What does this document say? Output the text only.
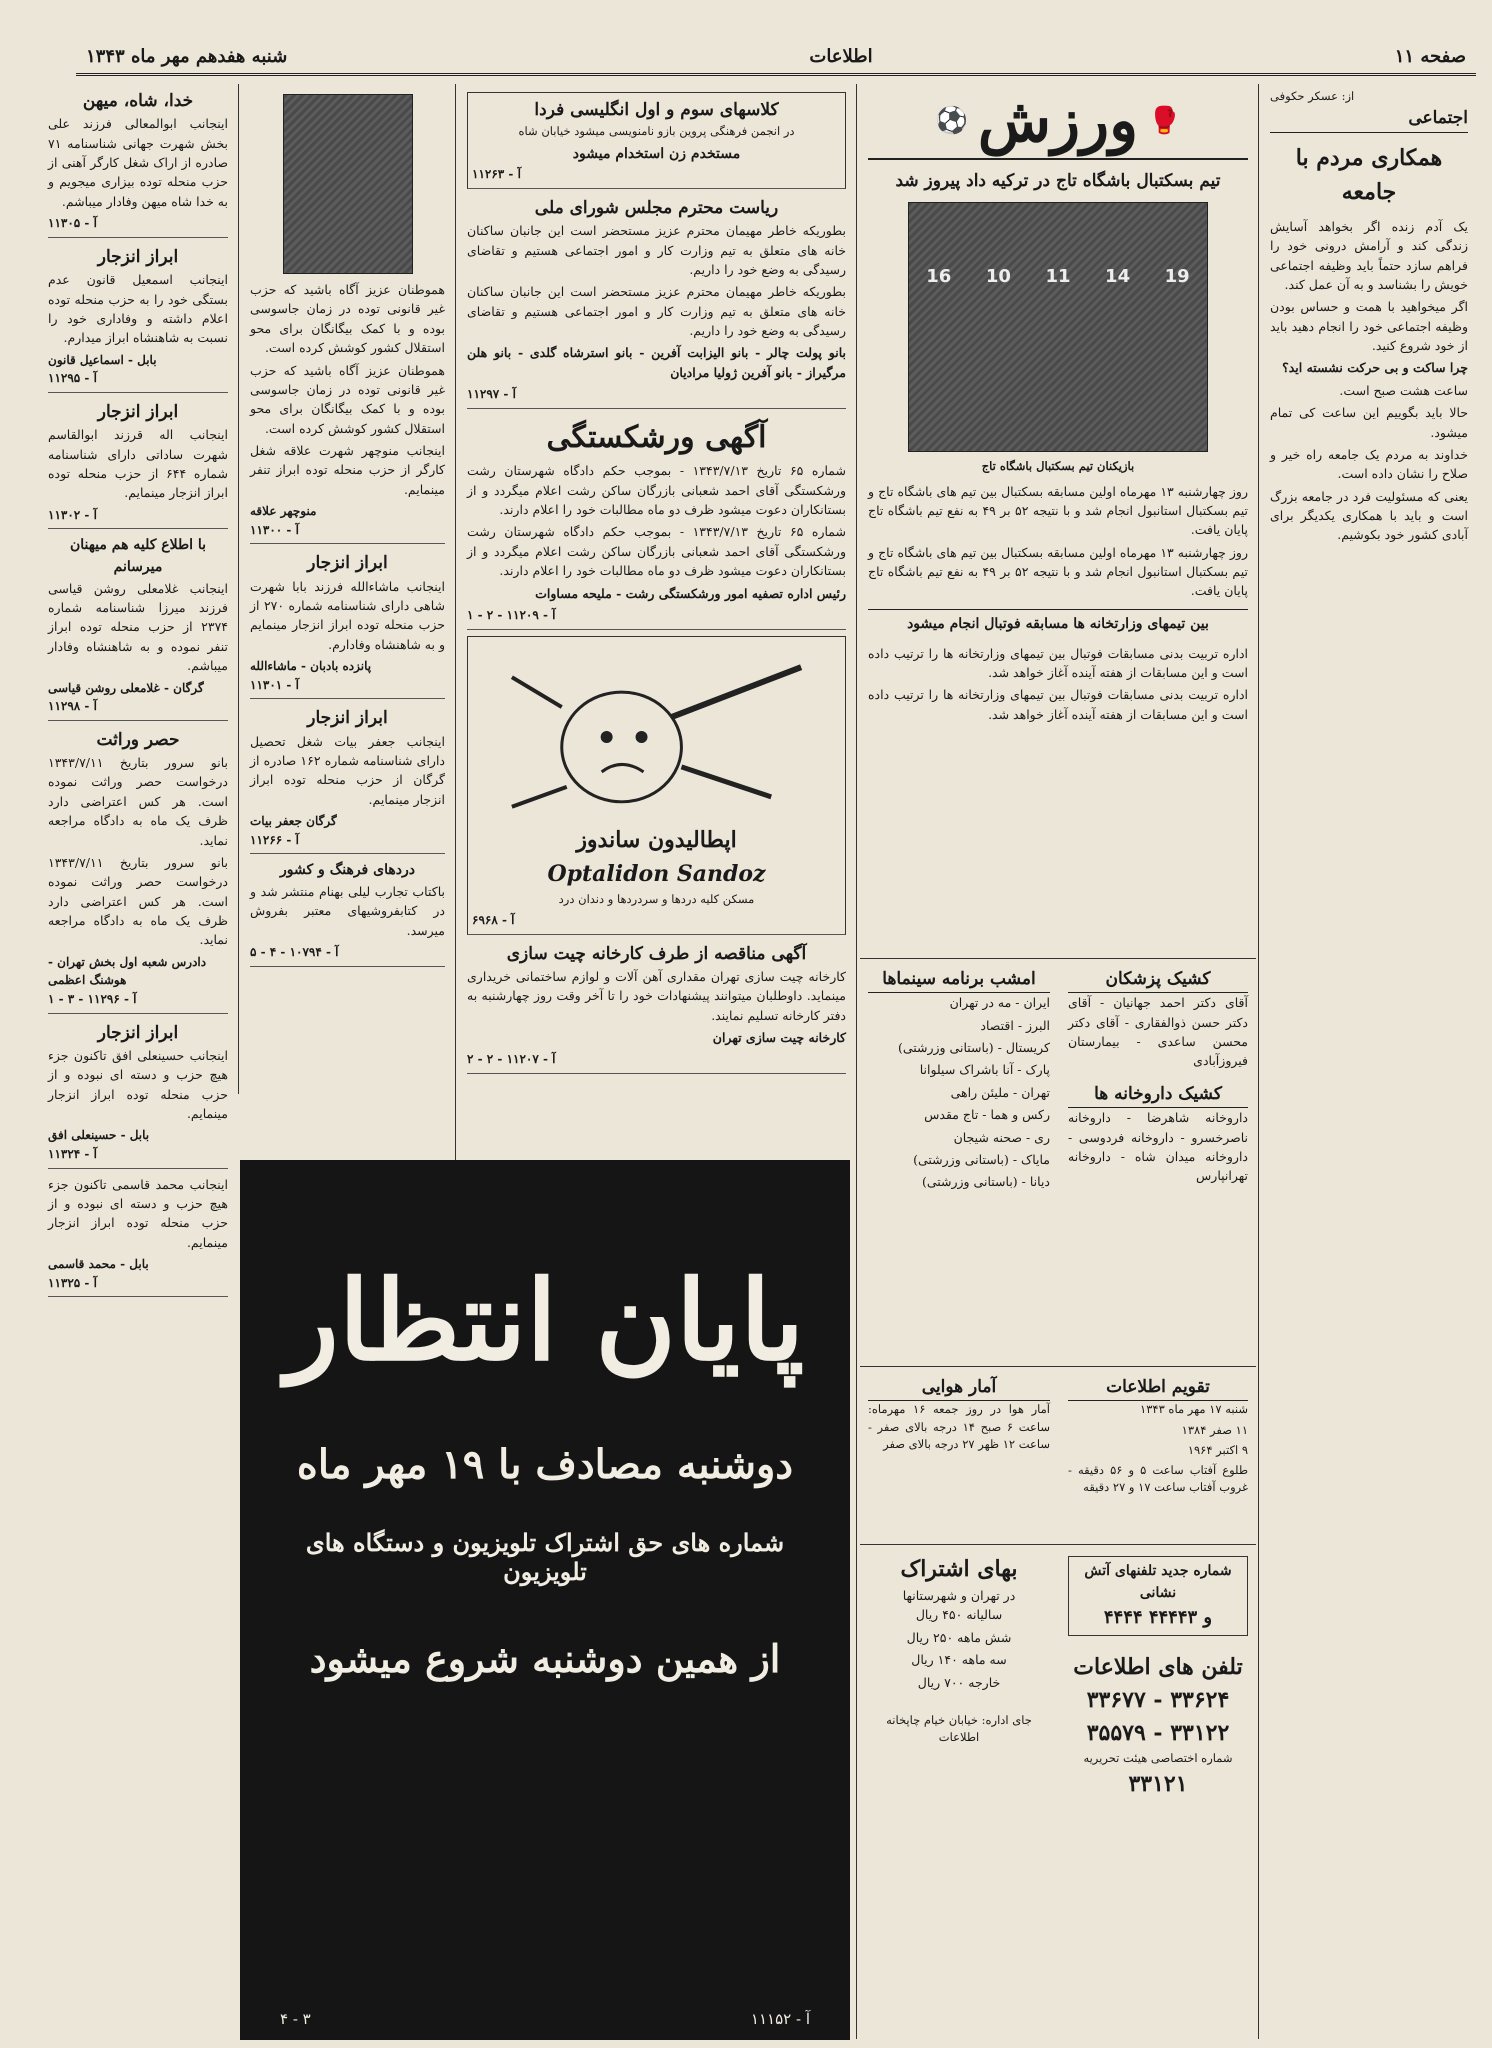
صفحه ۱۱
اطلاعات
شنبه هفدهم مهر ماه ۱۳۴۳
از: عسکر حکوفی
اجتماعی
همکاری مردم با جامعه

یک آدم زنده اگر بخواهد آسایش زندگی کند و آرامش درونی خود را فراهم سازد حتماً باید وظیفه اجتماعی خویش را بشناسد و به آن عمل کند.

اگر میخواهید با همت و حساس بودن وظیفه اجتماعی خود را انجام دهید باید از خود شروع کنید.

چرا ساکت و بی حرکت نشسته اید؟

ساعت هشت صبح است.

حالا باید بگوییم این ساعت کی تمام میشود.

خداوند به مردم یک جامعه راه خیر و صلاح را نشان داده است.

یعنی که مسئولیت فرد در جامعه بزرگ است و باید با همکاری یکدیگر برای آبادی کشور خود بکوشیم.

🥊
ورزش
⚽
تیم بسکتبال باشگاه تاج در ترکیه داد پیروز شد
16 10 11 14 19
بازیکنان تیم بسکتبال باشگاه تاج

روز چهارشنبه ۱۳ مهرماه اولین مسابقه بسکتبال بین تیم های باشگاه تاج و تیم بسکتبال استانبول انجام شد و با نتیجه ۵۲ بر ۴۹ به نفع تیم باشگاه تاج پایان یافت.

روز چهارشنبه ۱۳ مهرماه اولین مسابقه بسکتبال بین تیم های باشگاه تاج و تیم بسکتبال استانبول انجام شد و با نتیجه ۵۲ بر ۴۹ به نفع تیم باشگاه تاج پایان یافت.

بین تیمهای وزارتخانه ها مسابقه فوتبال انجام میشود

اداره تربیت بدنی مسابقات فوتبال بین تیمهای وزارتخانه ها را ترتیب داده است و این مسابقات از هفته آینده آغاز خواهد شد.

اداره تربیت بدنی مسابقات فوتبال بین تیمهای وزارتخانه ها را ترتیب داده است و این مسابقات از هفته آینده آغاز خواهد شد.

امشب برنامه سینماها

ایران - مه در تهران

البرز - اقتصاد

کریستال - (باستانی وزرشتی)

پارک - آنا باشراک سیلوانا

تهران - ملیئن راهی

رکس و هما - تاج مقدس

ری - صحنه شیجان

مایاک - (باستانی وزرشتی)

دیانا - (باستانی وزرشتی)

کشیک پزشکان

آقای دکتر احمد جهانیان - آقای دکتر حسن ذوالفقاری - آقای دکتر محسن ساعدی - بیمارستان فیروزآبادی

کشیک داروخانه ها

داروخانه شاهرضا - داروخانه ناصرخسرو - داروخانه فردوسی - داروخانه میدان شاه - داروخانه تهرانپارس

آمار هوایی

آمار هوا در روز جمعه ۱۶ مهرماه: ساعت ۶ صبح ۱۴ درجه بالای صفر - ساعت ۱۲ ظهر ۲۷ درجه بالای صفر

تقویم اطلاعات

شنبه ۱۷ مهر ماه ۱۳۴۳

۱۱ صفر ۱۳۸۴

۹ اکتبر ۱۹۶۴

طلوع آفتاب ساعت ۵ و ۵۶ دقیقه - غروب آفتاب ساعت ۱۷ و ۲۷ دقیقه

بهای اشتراک
در تهران و شهرستانها

سالیانه ۴۵۰ ریال

شش ماهه ۲۵۰ ریال

سه ماهه ۱۴۰ ریال

خارجه ۷۰۰ ریال

جای اداره: خیابان خیام چاپخانه اطلاعات

شماره جدید تلفنهای آتش نشانی
۴۴۴۴ و ۴۴۴۴۳
تلفن های اطلاعات
۳۳۶۷۷ - ۳۳۶۲۴
۳۵۵۷۹ - ۳۳۱۲۲
شماره اختصاصی هیئت تحریریه
۳۳۱۲۱
کلاسهای سوم و اول انگلیسی فردا

در انجمن فرهنگی پروین بازو نامنویسی میشود خیابان شاه

مستخدم زن استخدام میشود
آ - ۱۱۲۶۳
ریاست محترم مجلس شورای ملی

بطوریکه خاطر مهیمان محترم عزیز مستحضر است این جانبان ساکنان خانه های متعلق به تیم وزارت کار و امور اجتماعی هستیم و تقاضای رسیدگی به وضع خود را داریم.

بطوریکه خاطر مهیمان محترم عزیز مستحضر است این جانبان ساکنان خانه های متعلق به تیم وزارت کار و امور اجتماعی هستیم و تقاضای رسیدگی به وضع خود را داریم.

بانو پولت چالر - بانو الیزابت آفرین - بانو استرشاه گلدی - بانو هلن مرگیراز - بانو آفرین ژولیا مرادیان

آ - ۱۱۲۹۷
آگهی ورشکستگی

شماره ۶۵ تاریخ ۱۳۴۳/۷/۱۳ - بموجب حکم دادگاه شهرستان رشت ورشکستگی آقای احمد شعبانی بازرگان ساکن رشت اعلام میگردد و از بستانکاران دعوت میشود ظرف دو ماه مطالبات خود را اعلام دارند.

شماره ۶۵ تاریخ ۱۳۴۳/۷/۱۳ - بموجب حکم دادگاه شهرستان رشت ورشکستگی آقای احمد شعبانی بازرگان ساکن رشت اعلام میگردد و از بستانکاران دعوت میشود ظرف دو ماه مطالبات خود را اعلام دارند.

رئیس اداره تصفیه امور ورشکستگی رشت - ملیحه مساوات

آ - ۱۱۲۰۹ - ۲ - ۱
اپطالیدون ساندوز
Optalidon Sandoz

مسکن کلیه دردها و سردردها و دندان درد

آ - ۶۹۶۸
آگهی مناقصه از طرف کارخانه چیت سازی

کارخانه چیت سازی تهران مقداری آهن آلات و لوازم ساختمانی خریداری مینماید. داوطلبان میتوانند پیشنهادات خود را تا آخر وقت روز چهارشنبه به دفتر کارخانه تسلیم نمایند.

کارخانه چیت سازی تهران

آ - ۱۱۲۰۷ - ۲ - ۲
پایان انتظار
دوشنبه مصادف با ۱۹ مهر ماه
شماره های حق اشتراک تلویزیون و دستگاه های تلویزیون
از همین دوشنبه شروع میشود
آ - ۱۱۱۵۲
۳ - ۴

هموطنان عزیز آگاه باشید که حزب غیر قانونی توده در زمان جاسوسی بوده و با کمک بیگانگان برای محو استقلال کشور کوشش کرده است.

هموطنان عزیز آگاه باشید که حزب غیر قانونی توده در زمان جاسوسی بوده و با کمک بیگانگان برای محو استقلال کشور کوشش کرده است.

اینجانب منوچهر شهرت علاقه شغل کارگر از حزب منحله توده ابراز تنفر مینمایم.

منوچهر علاقه
آ - ۱۱۳۰۰
ابراز انزجار

اینجانب ماشاءالله فرزند بابا شهرت شاهی دارای شناسنامه شماره ۲۷۰ از حزب منحله توده ابراز انزجار مینمایم و به شاهنشاه وفادارم.

پانزده بادبان - ماشاءالله
آ - ۱۱۳۰۱
ابراز انزجار

اینجانب جعفر بیات شغل تحصیل دارای شناسنامه شماره ۱۶۲ صادره از گرگان از حزب منحله توده ابراز انزجار مینمایم.

گرگان جعفر بیات
آ - ۱۱۲۶۶
دردهای فرهنگ و کشور

باکتاب تجارب لیلی بهنام منتشر شد و در کتابفروشیهای معتبر بفروش میرسد.

آ - ۱۰۷۹۴ - ۴ - ۵
خدا، شاه، میهن

اینجانب ابوالمعالی فرزند علی بخش شهرت جهانی شناسنامه ۷۱ صادره از اراک شغل کارگر آهنی از حزب منحله توده بیزاری میجویم و به خدا شاه میهن وفادار میباشم.

آ - ۱۱۳۰۵
ابراز انزجار

اینجانب اسمعیل قانون عدم بستگی خود را به حزب منحله توده اعلام داشته و وفاداری خود را نسبت به شاهنشاه ابراز میدارم.

بابل - اسماعیل قانون
آ - ۱۱۲۹۵
ابراز انزجار

اینجانب اله قرزند ابوالقاسم شهرت ساداتی دارای شناسنامه شماره ۶۴۴ از حزب منحله توده ابراز انزجار مینمایم.

آ - ۱۱۳۰۲
با اطلاع کلیه هم میهنان میرسانم

اینجانب غلامعلی روشن قیاسی فرزند میرزا شناسنامه شماره ۲۳۷۴ از حزب منحله توده ابراز تنفر نموده و به شاهنشاه وفادار میباشم.

گرگان - غلامعلی روشن قیاسی
آ - ۱۱۲۹۸
حصر وراثت

بانو سرور بتاریخ ۱۳۴۳/۷/۱۱ درخواست حصر وراثت نموده است. هر کس اعتراضی دارد ظرف یک ماه به دادگاه مراجعه نماید.

بانو سرور بتاریخ ۱۳۴۳/۷/۱۱ درخواست حصر وراثت نموده است. هر کس اعتراضی دارد ظرف یک ماه به دادگاه مراجعه نماید.

دادرس شعبه اول بخش تهران - هوشنگ اعظمی
آ - ۱۱۲۹۶ - ۳ - ۱
ابراز انزجار

اینجانب حسینعلی افق تاکنون جزء هیچ حزب و دسته ای نبوده و از حزب منحله توده ابراز انزجار مینمایم.

بابل - حسینعلی افق
آ - ۱۱۳۲۴

اینجانب محمد قاسمی تاکنون جزء هیچ حزب و دسته ای نبوده و از حزب منحله توده ابراز انزجار مینمایم.

بابل - محمد قاسمی
آ - ۱۱۳۲۵
